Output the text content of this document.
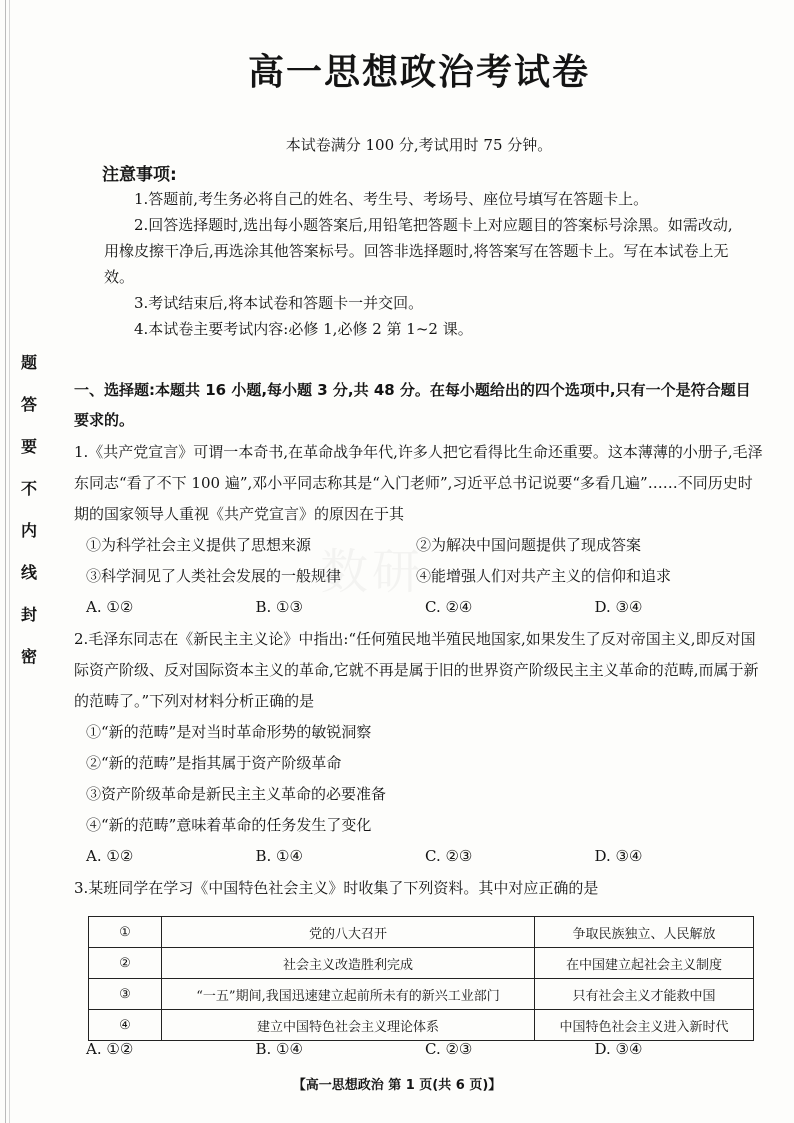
题
答
要
不
内
线
封
密
数研
高一思想政治考试卷
本试卷满分 100 分,考试用时 75 分钟。
注意事项:

1.答题前,考生务必将自己的姓名、考生号、考场号、座位号填写在答题卡上。

2.回答选择题时,选出每小题答案后,用铅笔把答题卡上对应题目的答案标号涂黑。如需改动,用橡皮擦干净后,再选涂其他答案标号。回答非选择题时,将答案写在答题卡上。写在本试卷上无效。

3.考试结束后,将本试卷和答题卡一并交回。

4.本试卷主要考试内容:必修 1,必修 2 第 1~2 课。

一、选择题:本题共 16 小题,每小题 3 分,共 48 分。在每小题给出的四个选项中,只有一个是符合题目要求的。

1.《共产党宣言》可谓一本奇书,在革命战争年代,许多人把它看得比生命还重要。这本薄薄的小册子,毛泽东同志“看了不下 100 遍”,邓小平同志称其是“入门老师”,习近平总书记说要“多看几遍”……不同历史时期的国家领导人重视《共产党宣言》的原因在于其

①为科学社会主义提供了思想来源	②为解决中国问题提供了现成答案
③科学洞见了人类社会发展的一般规律	④能增强人们对共产主义的信仰和追求
A. ①②	B. ①③	C. ②④	D. ③④

2.毛泽东同志在《新民主主义论》中指出:“任何殖民地半殖民地国家,如果发生了反对帝国主义,即反对国际资产阶级、反对国际资本主义的革命,它就不再是属于旧的世界资产阶级民主主义革命的范畴,而属于新的范畴了。”下列对材料分析正确的是

①“新的范畴”是对当时革命形势的敏锐洞察

②“新的范畴”是指其属于资产阶级革命

③资产阶级革命是新民主主义革命的必要准备

④“新的范畴”意味着革命的任务发生了变化

A. ①②	B. ①④	C. ②③	D. ③④

3.某班同学在学习《中国特色社会主义》时收集了下列资料。其中对应正确的是

①	党的八大召开	争取民族独立、人民解放
②	社会主义改造胜利完成	在中国建立起社会主义制度
③	“一五”期间,我国迅速建立起前所未有的新兴工业部门	只有社会主义才能救中国
④	建立中国特色社会主义理论体系	中国特色社会主义进入新时代
A. ①②	B. ①④	C. ②③	D. ③④
【高一思想政治 第 1 页(共 6 页)】
